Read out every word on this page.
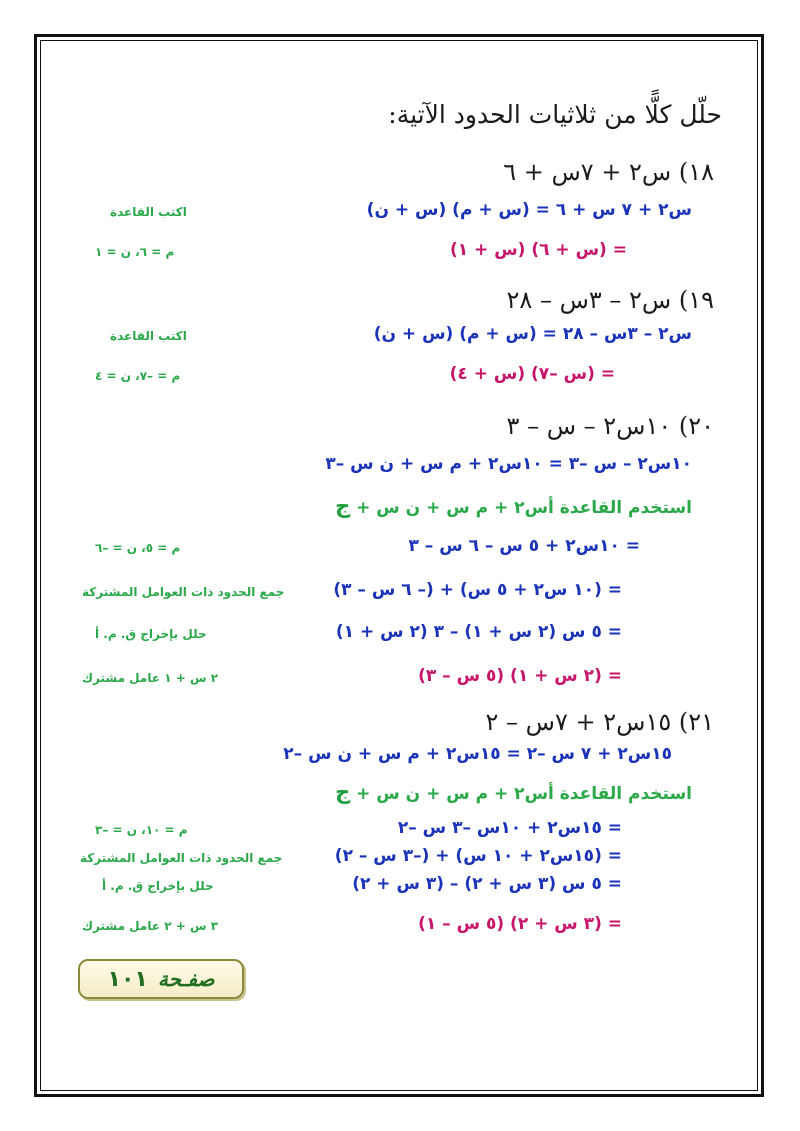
حلّل كلًّا من ثلاثيات الحدود الآتية:
١٨) س٢ + ٧س + ٦
س٢ + ٧ س + ٦ = (س + م) (س + ن)
اكتب القاعدة
= (س + ٦) (س + ١)
م = ٦، ن = ١
١٩) س٢ – ٣س – ٢٨
س٢ – ٣س – ٢٨ = (س + م) (س + ن)
اكتب القاعدة
= (س –٧) (س + ٤)
م = –٧، ن = ٤
٢٠) ١٠س٢ – س – ٣
١٠س٢ – س –٣ = ١٠س٢ + م س + ن س –٣
استخدم القاعدة أس٢ + م س + ن س + ج
= ١٠س٢ + ٥ س – ٦ س – ٣
م = ٥، ن = –٦
= (١٠ س٢ + ٥ س) + (– ٦ س – ٣)
جمع الحدود ذات العوامل المشتركة
= ٥ س (٢ س + ١) – ٣ (٢ س + ١)
حلل بإخراج ق. م. أ
= (٢ س + ١) (٥ س – ٣)
٢ س + ١ عامل مشترك
٢١) ١٥س٢ + ٧س – ٢
١٥س٢ + ٧ س –٢ = ١٥س٢ + م س + ن س –٢
استخدم القاعدة أس٢ + م س + ن س + ج
= ١٥س٢ + ١٠س –٣ س –٢
م = ١٠، ن = –٣
= (١٥س٢ + ١٠ س) + (–٣ س – ٢)
جمع الحدود ذات العوامل المشتركة
= ٥ س (٣ س + ٢) – (٣ س + ٢)
حلل بإخراج ق. م. أ
= (٣ س + ٢) (٥ س – ١)
٣ س + ٢ عامل مشترك
صفـحة١٠١
